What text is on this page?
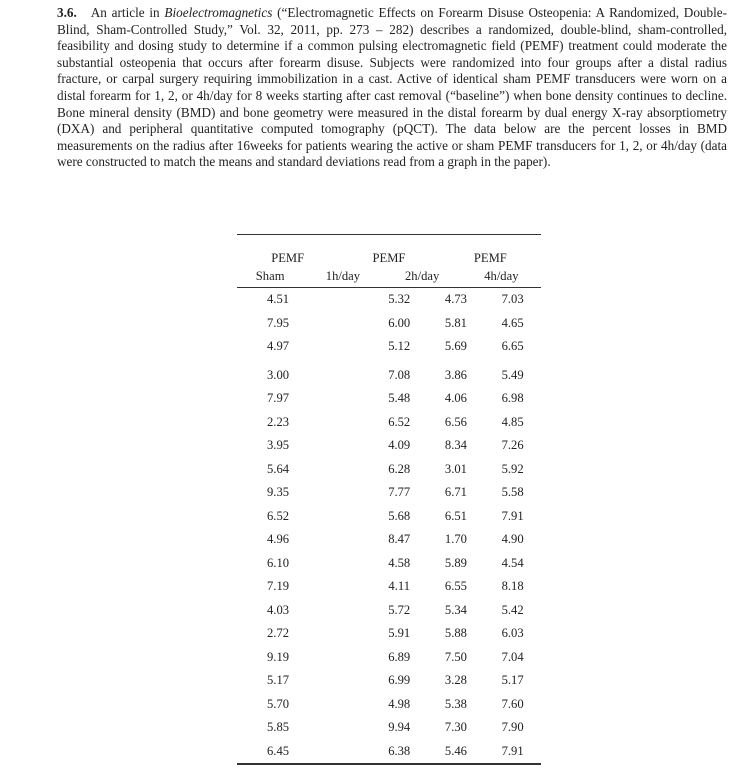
3.6. An article in Bioelectromagnetics (“Electromagnetic Effects on Forearm Disuse Osteopenia: A Randomized, Double-Blind, Sham-Controlled Study,” Vol. 32, 2011, pp. 273 – 282) describes a randomized, double-blind, sham-controlled, feasibility and dosing study to determine if a common pulsing electromagnetic field (PEMF) treatment could moderate the substantial osteopenia that occurs after forearm disuse. Subjects were randomized into four groups after a distal radius fracture, or carpal surgery requiring immobilization in a cast. Active of identical sham PEMF transducers were worn on a distal forearm for 1, 2, or 4h/day for 8 weeks starting after cast removal (“baseline”) when bone density continues to decline. Bone mineral density (BMD) and bone geometry were measured in the distal forearm by dual energy X-ray absorptiometry (DXA) and peripheral quantitative computed tomography (pQCT). The data below are the percent losses in BMD measurements on the radius after 16weeks for patients wearing the active or sham PEMF transducers for 1, 2, or 4h/day (data were constructed to match the means and standard deviations read from a graph in the paper).
	PEMF	PEMF	PEMF
Sham	1h/day	2h/day	4h/day
4.51	5.32	4.73	7.03
7.95	6.00	5.81	4.65
4.97	5.12	5.69	6.65

3.00	7.08	3.86	5.49
7.97	5.48	4.06	6.98
2.23	6.52	6.56	4.85
3.95	4.09	8.34	7.26
5.64	6.28	3.01	5.92
9.35	7.77	6.71	5.58
6.52	5.68	6.51	7.91
4.96	8.47	1.70	4.90
6.10	4.58	5.89	4.54
7.19	4.11	6.55	8.18
4.03	5.72	5.34	5.42
2.72	5.91	5.88	6.03
9.19	6.89	7.50	7.04
5.17	6.99	3.28	5.17
5.70	4.98	5.38	7.60
5.85	9.94	7.30	7.90
6.45	6.38	5.46	7.91
